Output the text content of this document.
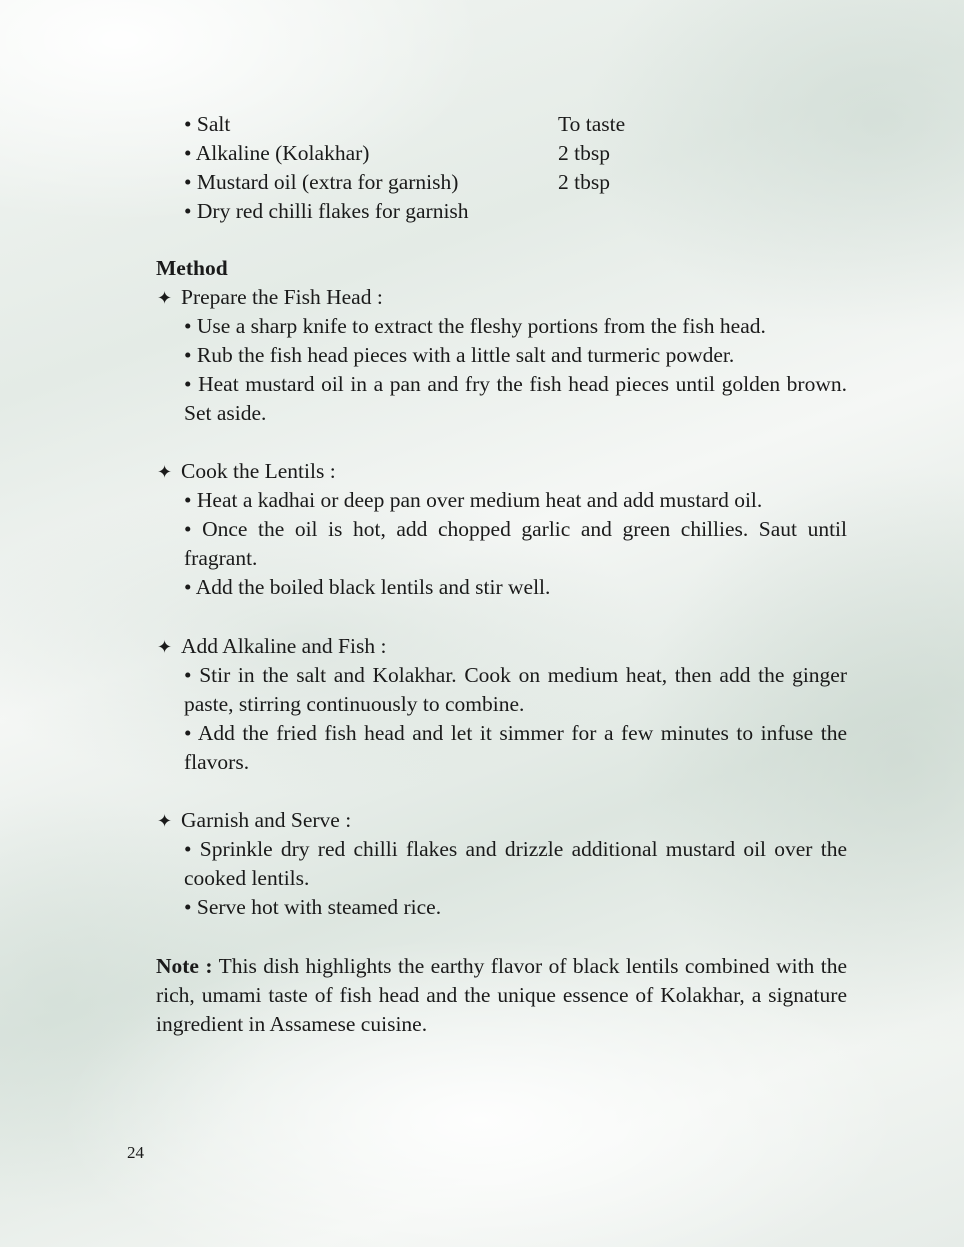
• Salt	To taste
• Alkaline (Kolakhar)	2 tbsp
• Mustard oil (extra for garnish)	2 tbsp
• Dry red chilli flakes for garnish
Method
✦ Prepare the Fish Head :
• Use a sharp knife to extract the fleshy portions from the fish head.
• Rub the fish head pieces with a little salt and turmeric powder.
• Heat mustard oil in a pan and fry the fish head pieces until golden brown. Set aside.
✦ Cook the Lentils :
• Heat a kadhai or deep pan over medium heat and add mustard oil.
• Once the oil is hot, add chopped garlic and green chillies. Saut until fragrant.
• Add the boiled black lentils and stir well.
✦ Add Alkaline and Fish :
• Stir in the salt and Kolakhar. Cook on medium heat, then add the ginger paste, stirring continuously to combine.
• Add the fried fish head and let it simmer for a few minutes to infuse the flavors.
✦ Garnish and Serve :
• Sprinkle dry red chilli flakes and drizzle additional mustard oil over the cooked lentils.
• Serve hot with steamed rice.
Note : This dish highlights the earthy flavor of black lentils combined with the rich, umami taste of fish head and the unique essence of Kolakhar, a signature ingredient in Assamese cuisine.
24
